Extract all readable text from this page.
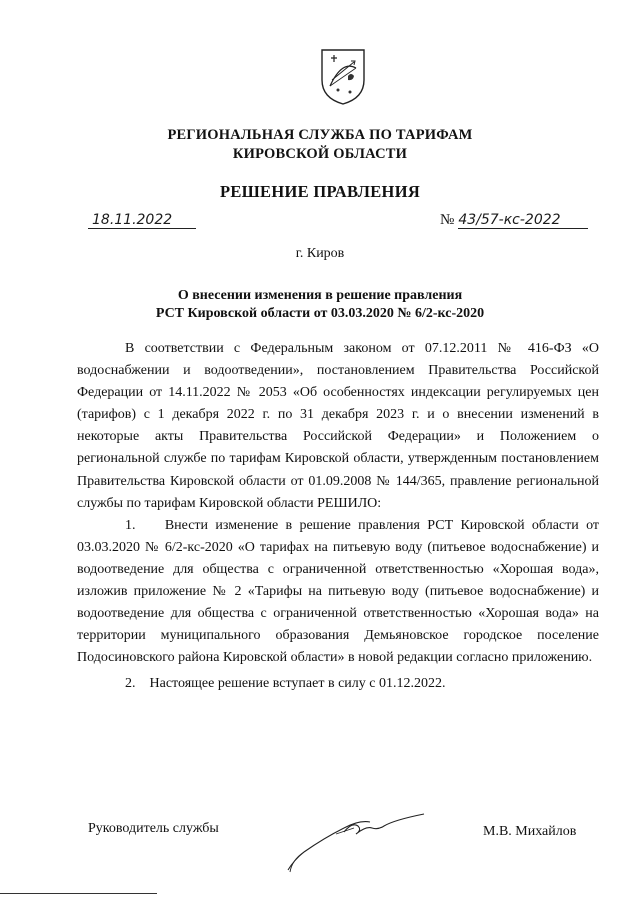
РЕГИОНАЛЬНАЯ СЛУЖБА ПО ТАРИФАМ
КИРОВСКОЙ ОБЛАСТИ
РЕШЕНИЕ ПРАВЛЕНИЯ
18.11.2022	№ 43/57-кс-2022
г. Киров
О внесении изменения в решение правления
РСТ Кировской области от 03.03.2020 № 6/2-кс-2020

В соответствии с Федеральным законом от 07.12.2011 № 416-ФЗ «О водоснабжении и водоотведении», постановлением Правительства Российской Федерации от 14.11.2022 № 2053 «Об особенностях индексации регулируемых цен (тарифов) с 1 декабря 2022 г. по 31 декабря 2023 г. и о внесении изменений в некоторые акты Правительства Российской Федерации» и Положением о региональной службе по тарифам Кировской области, утвержденным постановлением Правительства Кировской области от 01.09.2008 № 144/365, правление региональной службы по тарифам Кировской области РЕШИЛО:

1. Внести изменение в решение правления РСТ Кировской области от 03.03.2020 № 6/2-кс-2020 «О тарифах на питьевую воду (питьевое водоснабжение) и водоотведение для общества с ограниченной ответственностью «Хорошая вода», изложив приложение № 2 «Тарифы на питьевую воду (питьевое водоснабжение) и водоотведение для общества с ограниченной ответственностью «Хорошая вода» на территории муниципального образования Демьяновское городское поселение Подосиновского района Кировской области» в новой редакции согласно приложению.

2. Настоящее решение вступает в силу с 01.12.2022.

Руководитель службы	М.В. Михайлов
